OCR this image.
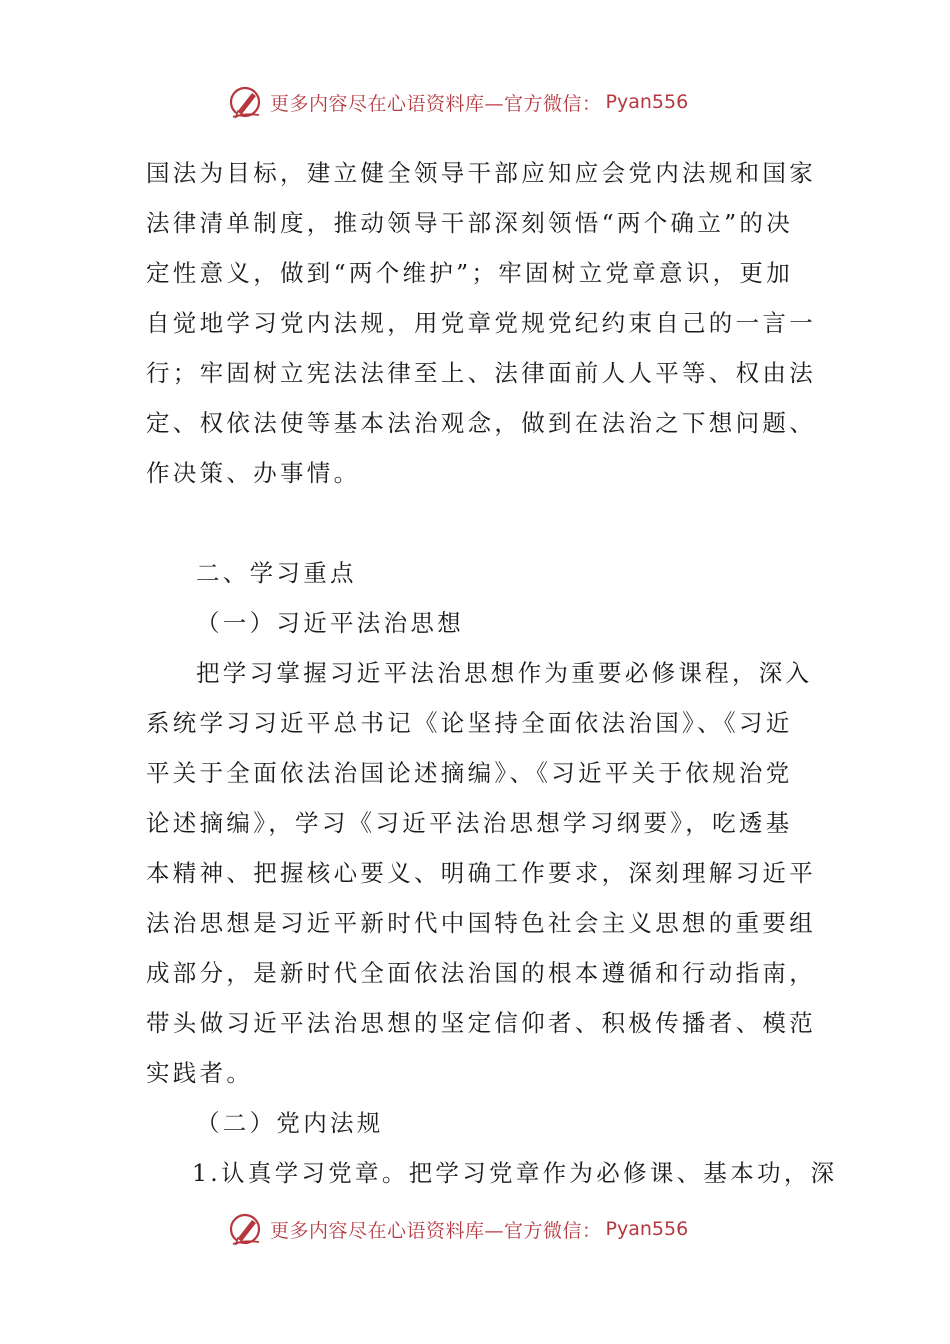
更多内容尽在心语资料库—官方微信： Pyan556
国法为目标，建立健全领导干部应知应会党内法规和国家
法律清单制度，推动领导干部深刻领悟“两个确立”的决
定性意义，做到“两个维护”；牢固树立党章意识，更加
自觉地学习党内法规，用党章党规党纪约束自己的一言一
行；牢固树立宪法法律至上、法律面前人人平等、权由法
定、权依法使等基本法治观念，做到在法治之下想问题、
作决策、办事情。
二、学习重点
（一）习近平法治思想
把学习掌握习近平法治思想作为重要必修课程，深入
系统学习习近平总书记《论坚持全面依法治国》、《习近
平关于全面依法治国论述摘编》、《习近平关于依规治党
论述摘编》，学习《习近平法治思想学习纲要》，吃透基
本精神、把握核心要义、明确工作要求，深刻理解习近平
法治思想是习近平新时代中国特色社会主义思想的重要组
成部分，是新时代全面依法治国的根本遵循和行动指南，
带头做习近平法治思想的坚定信仰者、积极传播者、模范
实践者。
（二）党内法规
1.认真学习党章。把学习党章作为必修课、基本功，深
更多内容尽在心语资料库—官方微信： Pyan556
